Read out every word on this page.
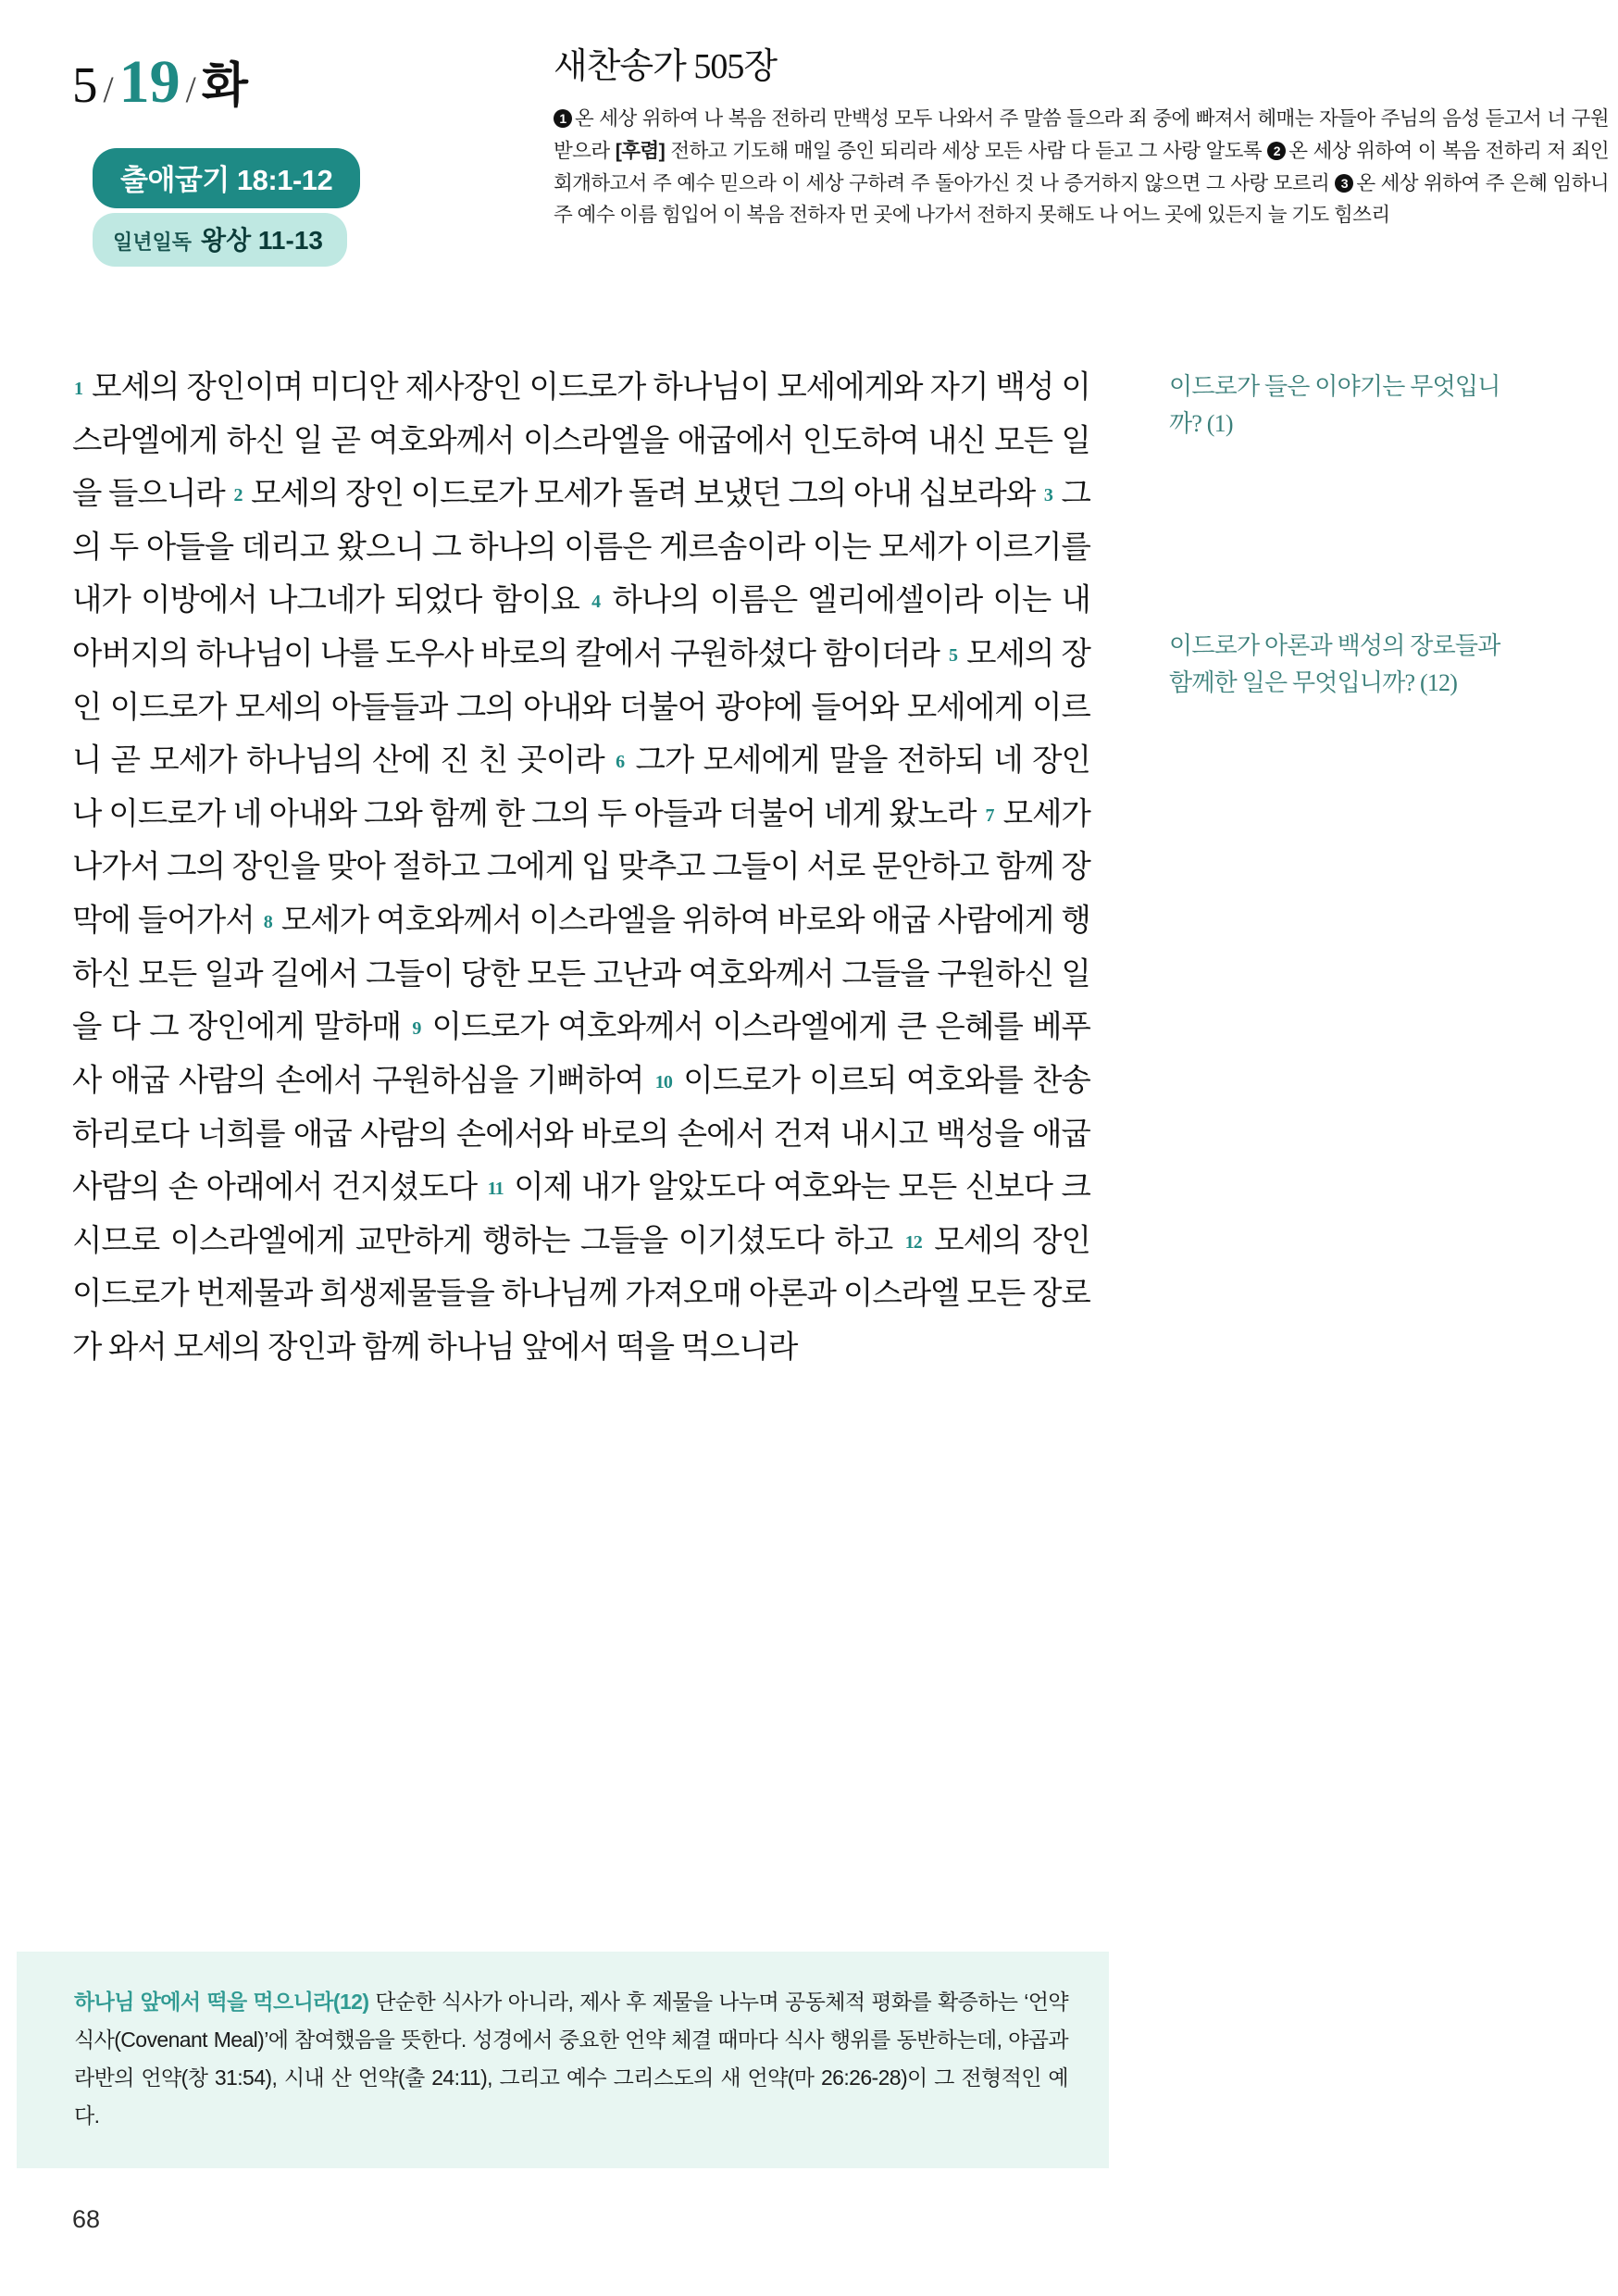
5 /19 / 화
출애굽기 18:1-12
일년일독 왕상 11-13
새찬송가 505장
1 온 세상 위하여 나 복음 전하리 만백성 모두 나와서 주 말씀 들으라 죄 중에 빠져서 헤매는 자들아 주님의 음성 듣고서 너 구원받으라 [후렴] 전하고 기도해 매일 증인 되리라 세상 모든 사람 다 듣고 그 사랑 알도록 2 온 세상 위하여 이 복음 전하리 저 죄인 회개하고서 주 예수 믿으라 이 세상 구하려 주 돌아가신 것 나 증거하지 않으면 그 사랑 모르리 3 온 세상 위하여 주 은혜 임하니 주 예수 이름 힘입어 이 복음 전하자 먼 곳에 나가서 전하지 못해도 나 어느 곳에 있든지 늘 기도 힘쓰리
1 모세의 장인이며 미디안 제사장인 이드로가 하나님이 모세에게와 자기 백성 이스라엘에게 하신 일 곧 여호와께서 이스라엘을 애굽에서 인도하여 내신 모든 일을 들으니라 2 모세의 장인 이드로가 모세가 돌려 보냈던 그의 아내 십보라와 3 그의 두 아들을 데리고 왔으니 그 하나의 이름은 게르솜이라 이는 모세가 이르기를 내가 이방에서 나그네가 되었다 함이요 4 하나의 이름은 엘리에셀이라 이는 내 아버지의 하나님이 나를 도우사 바로의 칼에서 구원하셨다 함이더라 5 모세의 장인 이드로가 모세의 아들들과 그의 아내와 더불어 광야에 들어와 모세에게 이르니 곧 모세가 하나님의 산에 진 친 곳이라 6 그가 모세에게 말을 전하되 네 장인 나 이드로가 네 아내와 그와 함께 한 그의 두 아들과 더불어 네게 왔노라 7 모세가 나가서 그의 장인을 맞아 절하고 그에게 입 맞추고 그들이 서로 문안하고 함께 장막에 들어가서 8 모세가 여호와께서 이스라엘을 위하여 바로와 애굽 사람에게 행하신 모든 일과 길에서 그들이 당한 모든 고난과 여호와께서 그들을 구원하신 일을 다 그 장인에게 말하매 9 이드로가 여호와께서 이스라엘에게 큰 은혜를 베푸사 애굽 사람의 손에서 구원하심을 기뻐하여 10 이드로가 이르되 여호와를 찬송하리로다 너희를 애굽 사람의 손에서와 바로의 손에서 건져 내시고 백성을 애굽 사람의 손 아래에서 건지셨도다 11 이제 내가 알았도다 여호와는 모든 신보다 크시므로 이스라엘에게 교만하게 행하는 그들을 이기셨도다 하고 12 모세의 장인 이드로가 번제물과 희생제물들을 하나님께 가져오매 아론과 이스라엘 모든 장로가 와서 모세의 장인과 함께 하나님 앞에서 떡을 먹으니라
이드로가 들은 이야기는 무엇입니까? (1)
이드로가 아론과 백성의 장로들과 함께한 일은 무엇입니까? (12)
하나님 앞에서 떡을 먹으니라(12) 단순한 식사가 아니라, 제사 후 제물을 나누며 공동체적 평화를 확증하는 ‘언약 식사(Covenant Meal)’에 참여했음을 뜻한다. 성경에서 중요한 언약 체결 때마다 식사 행위를 동반하는데, 야곱과 라반의 언약(창 31:54), 시내 산 언약(출 24:11), 그리고 예수 그리스도의 새 언약(마 26:26-28)이 그 전형적인 예다.
68
